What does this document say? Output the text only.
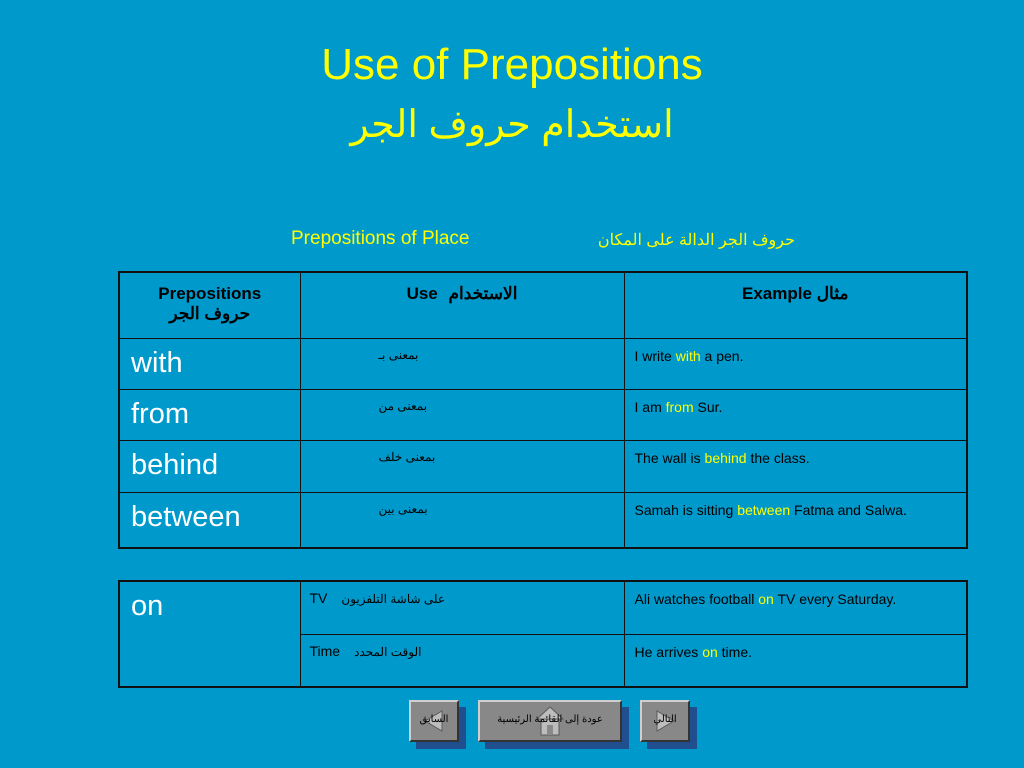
Use of Prepositions
استخدام حروف الجر
Prepositions of Place	حروف الجر الدالة على المكان
Prepositions
حروف الجر	Use الاستخدام	Example مثال
with	بمعنى بـ	I write with a pen.
from	بمعنى من	I am from Sur.
behind	بمعنى خلف	The wall is behind the class.
between	بمعنى بين	Samah is sitting between Fatma and Salwa.
on	TV على شاشة التلفزيون	Ali watches football on TV every Saturday.
	Time الوقت المحدد	He arrives on time.
السابق	عودة إلى القائمة الرئيسية	التالي
